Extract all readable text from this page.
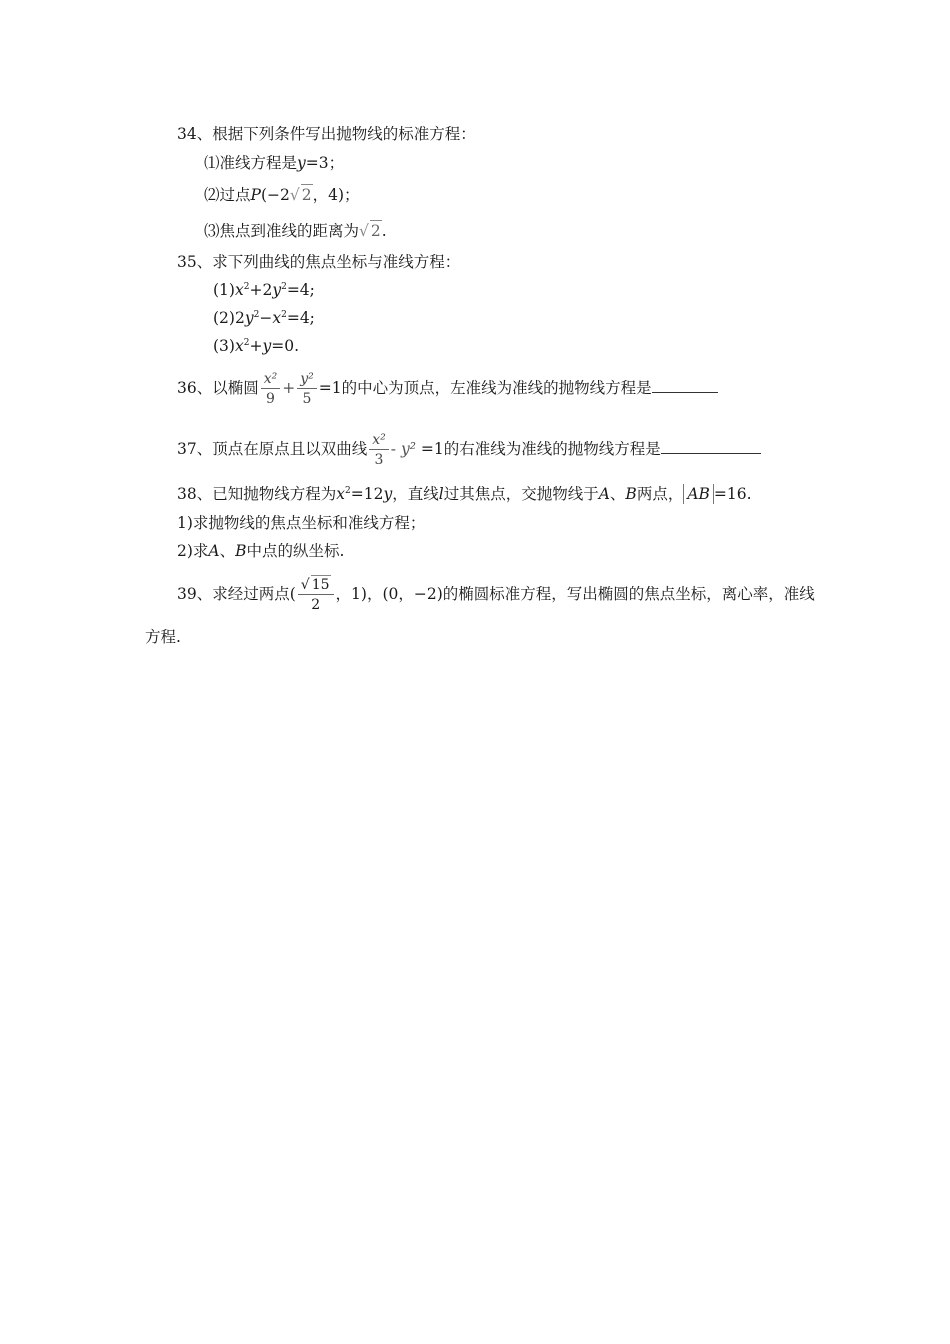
34、根据下列条件写出抛物线的标准方程：
⑴准线方程是y=3；
⑵过点P(−2√ 2，4)；
⑶焦点到准线的距离为√ 2.
35、求下列曲线的焦点坐标与准线方程：
$(1)x^2+2y^2=4$;
$(2)2y^2-x^2=4$;
$(3)x^2+y=0$.
36、以椭圆 $\frac{\text{x²}}{9} + \frac{\text{y²}}{5} =1$的中心为顶点，左准线为准线的抛物线方程是
37、顶点在原点且以双曲线 $\frac{\text{x²}}{3} - y^2 =1$的右准线为准线的抛物线方程是
38、已知抛物线方程为$x^2=12y$，直线l过其焦点，交抛物线于A、B两点， AB =16.
1)求抛物线的焦点坐标和准线方程；
2)求A、B中点的纵坐标.
39、求经过两点( $\frac{√ 15}{2}$ ，1)，(0，−2)的椭圆标准方程，写出椭圆的焦点坐标，离心率，准线
方程.
